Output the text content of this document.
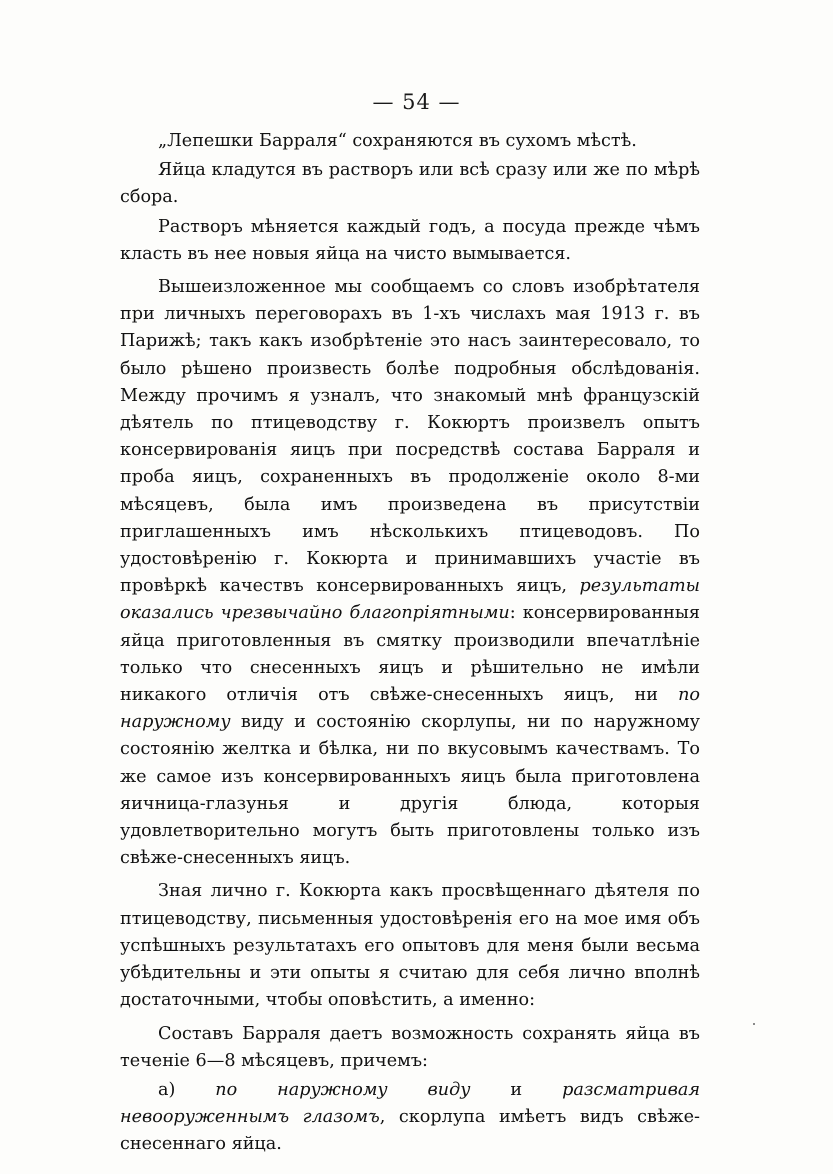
— 54 —

„Лепешки Барраля“ сохраняются въ сухомъ мѣстѣ.

Яйца кладутся въ растворъ или всѣ сразу или же по мѣрѣ сбора.

Растворъ мѣняется каждый годъ, а посуда прежде чѣмъ класть въ нее новыя яйца на чисто вымывается.

Вышеизложенное мы сообщаемъ со словъ изобрѣтателя при личныхъ переговорахъ въ 1-хъ числахъ мая 1913 г. въ Парижѣ; такъ какъ изобрѣтеніе это насъ заинтересовало, то было рѣшено произвесть болѣе подробныя обслѣдованія. Между прочимъ я узналъ, что знакомый мнѣ французскій дѣятель по птицеводству г. Кокюртъ произвелъ опытъ консервированія яицъ при посредствѣ состава Барраля и проба яицъ, сохраненныхъ въ продолженіе около 8-ми мѣсяцевъ, была имъ произведена въ присутствіи приглашенныхъ имъ нѣсколькихъ птицеводовъ. По удостовѣренію г. Кокюрта и принимавшихъ участіе въ провѣркѣ качествъ консервированныхъ яицъ, результаты оказались чрезвычайно благопріятными: консервированныя яйца приготовленныя въ смятку производили впечатлѣніе только что снесенныхъ яицъ и рѣшительно не имѣли никакого отличія отъ свѣже-снесенныхъ яицъ, ни по наружному виду и состоянію скорлупы, ни по наружному состоянію желтка и бѣлка, ни по вкусовымъ качествамъ. То же самое изъ консервированныхъ яицъ была приготовлена яичница-глазунья и другія блюда, которыя удовлетворительно могутъ быть приготовлены только изъ свѣже-снесенныхъ яицъ.

Зная лично г. Кокюрта какъ просвѣщеннаго дѣятеля по птицеводству, письменныя удостовѣренія его на мое имя объ успѣшныхъ результатахъ его опытовъ для меня были весьма убѣдительны и эти опыты я считаю для себя лично вполнѣ достаточными, чтобы оповѣстить, а именно:

Составъ Барраля даетъ возможность сохранять яйца въ теченіе 6—8 мѣсяцевъ, причемъ:

а) по наружному виду и разсматривая невооруженнымъ глазомъ, скорлупа имѣетъ видъ свѣже-снесеннаго яйца.
